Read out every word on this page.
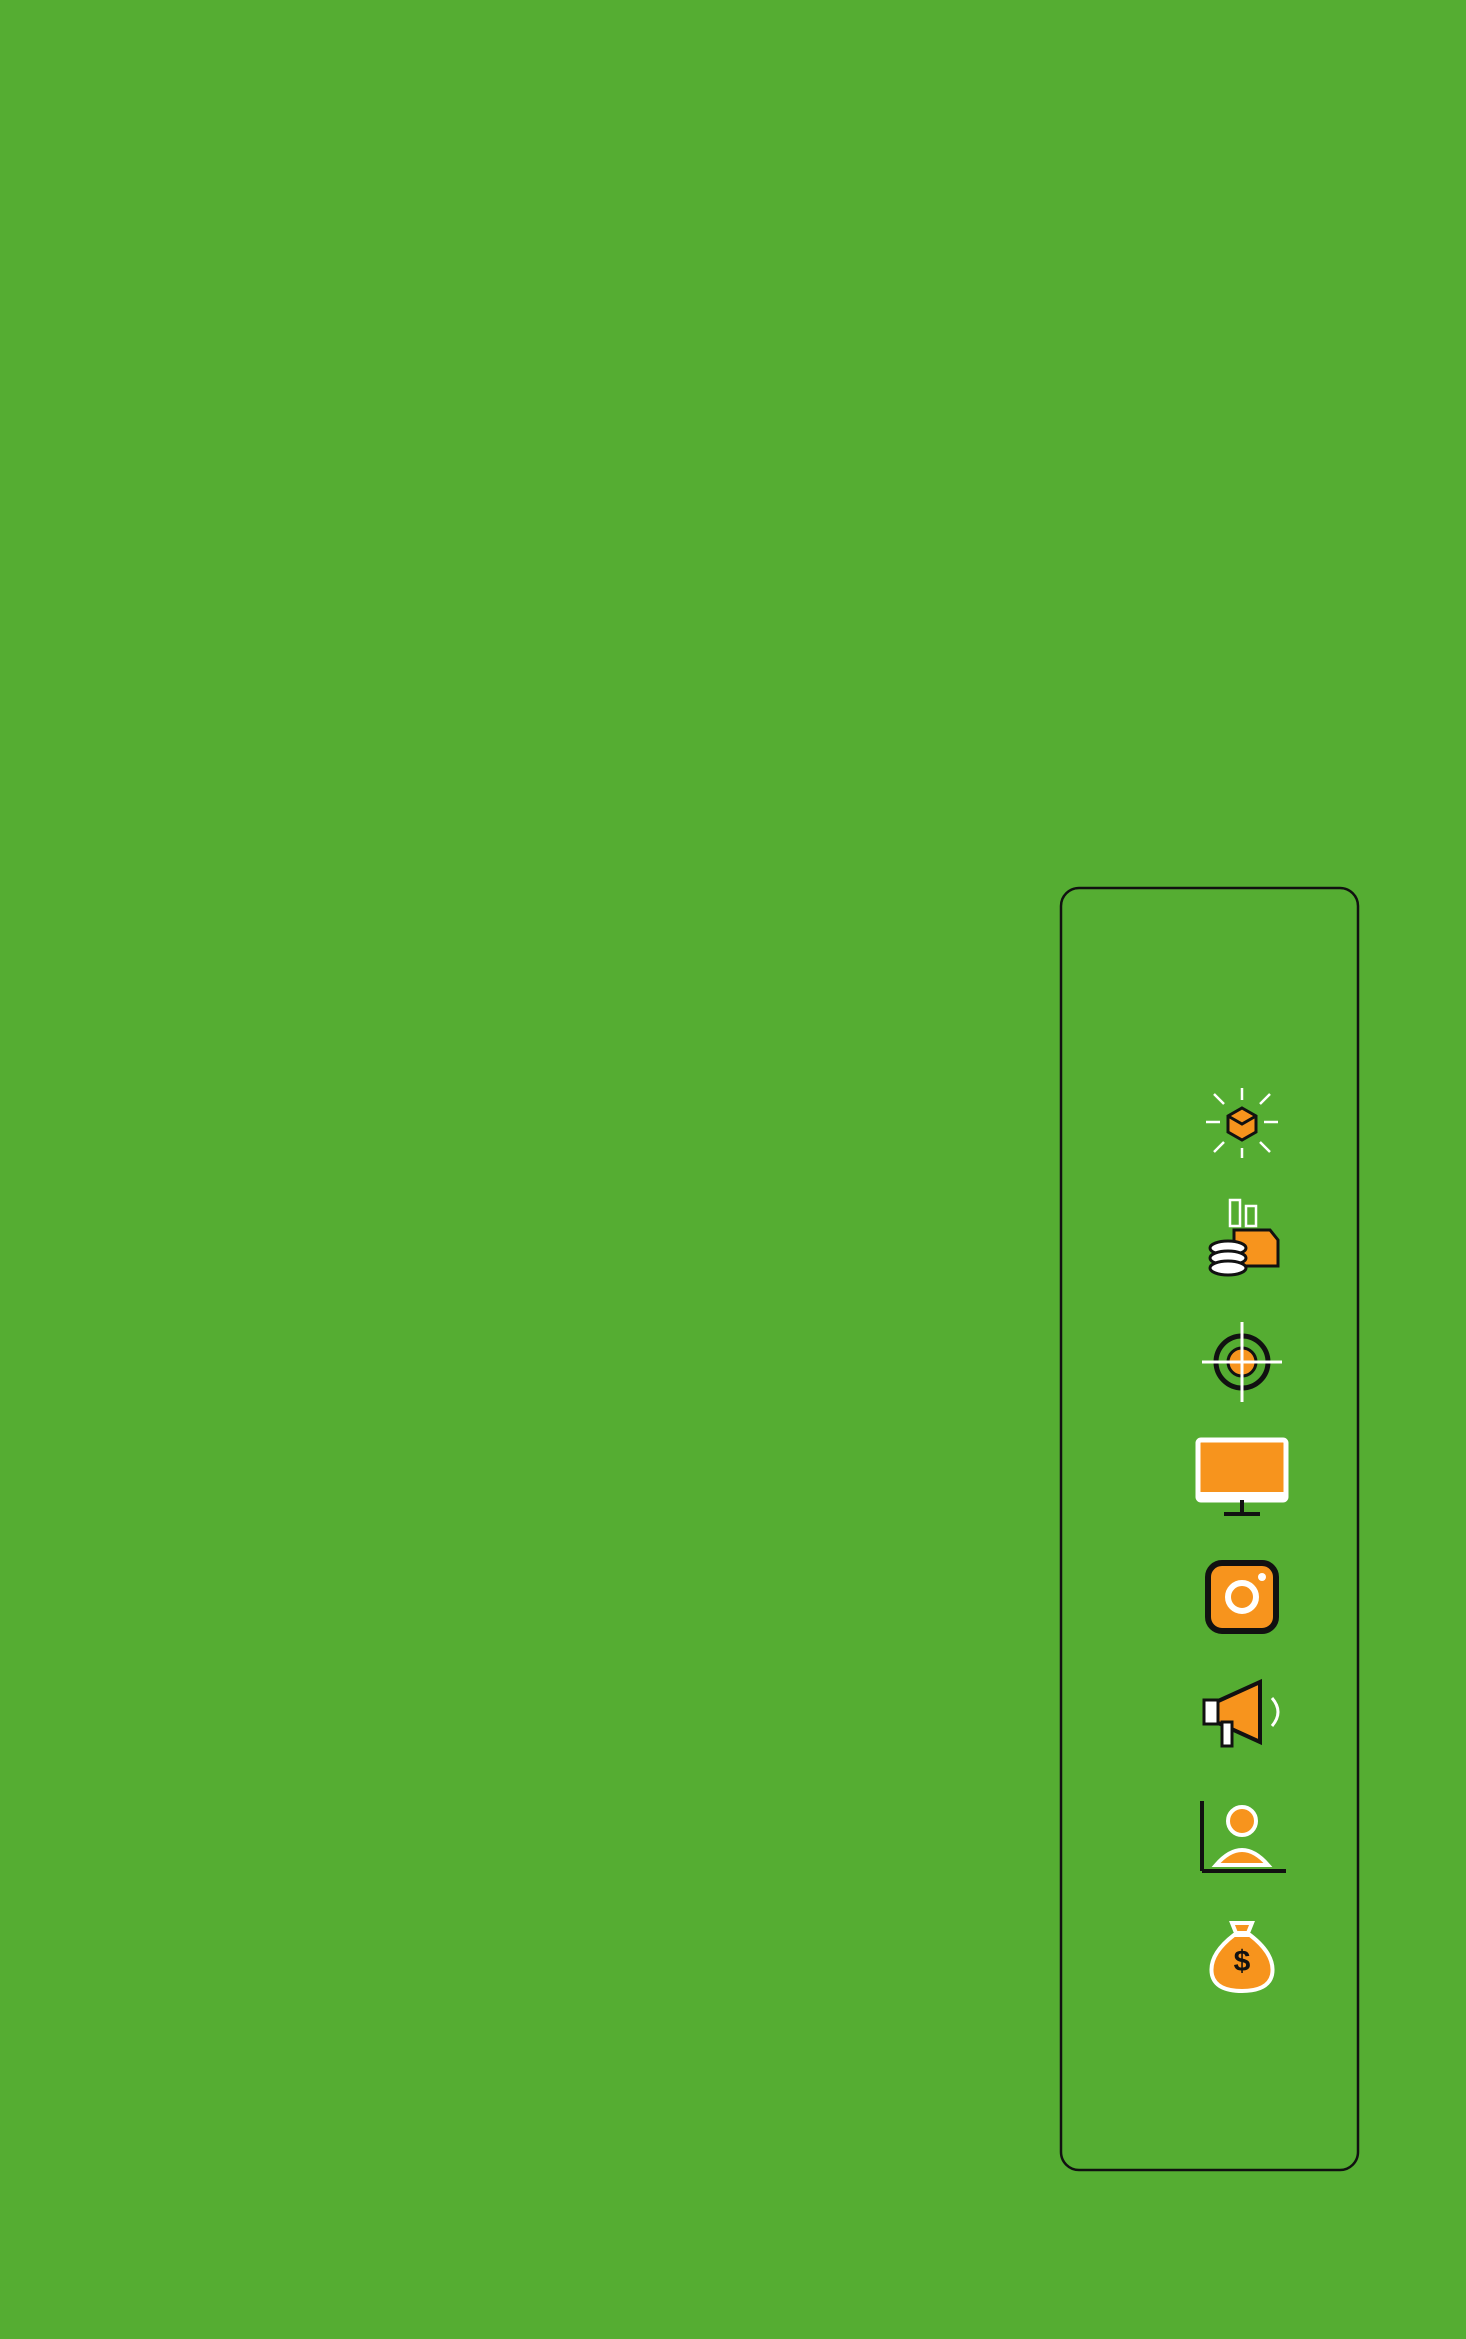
$
